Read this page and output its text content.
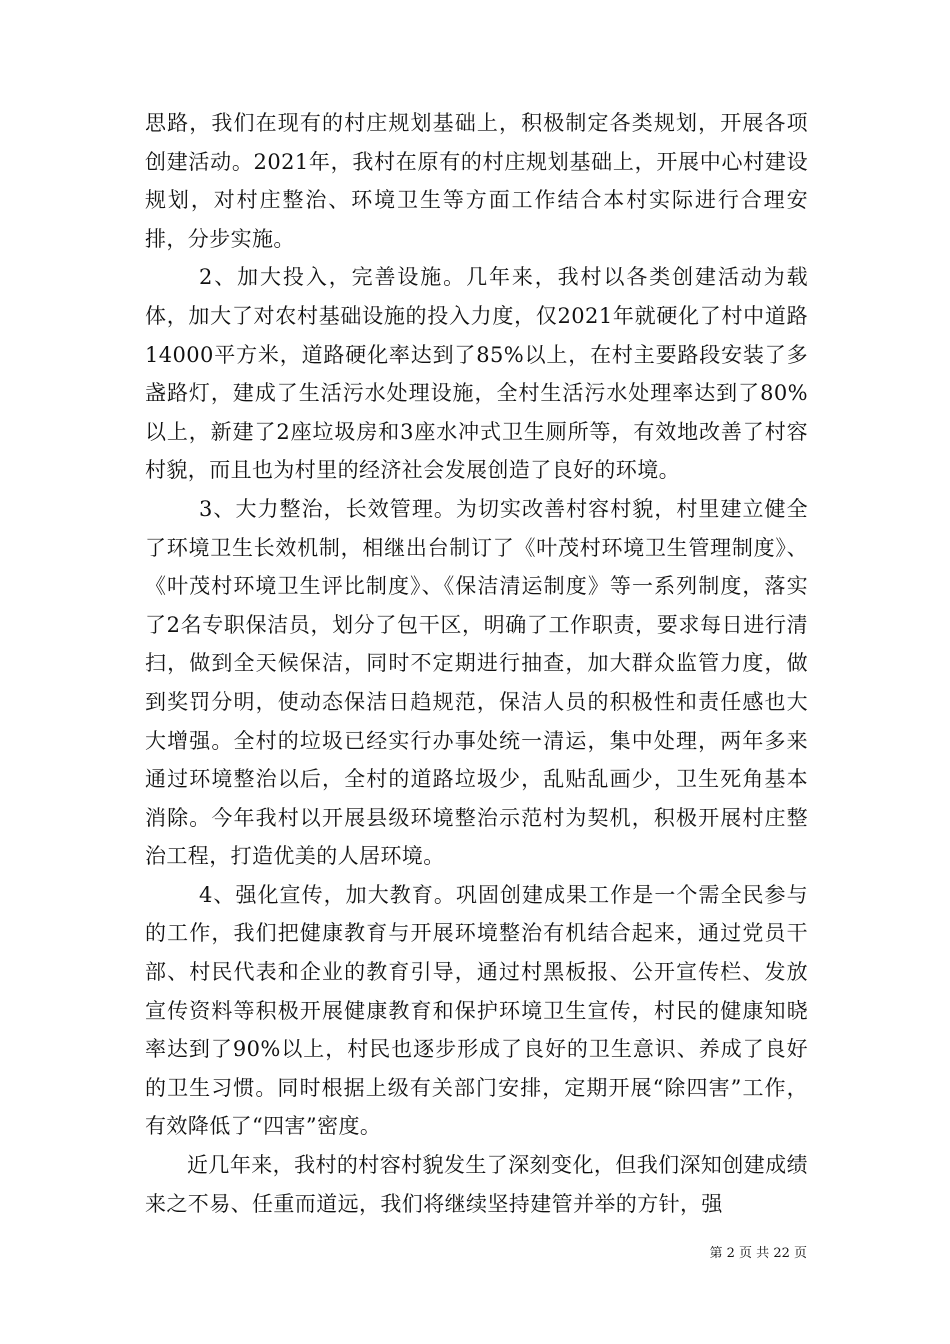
思路，我们在现有的村庄规划基础上，积极制定各类规划，开展各项创建活动。2021年，我村在原有的村庄规划基础上，开展中心村建设规划，对村庄整治、环境卫生等方面工作结合本村实际进行合理安排，分步实施。

2、加大投入，完善设施。几年来，我村以各类创建活动为载体，加大了对农村基础设施的投入力度，仅2021年就硬化了村中道路14000平方米，道路硬化率达到了85%以上，在村主要路段安装了多盏路灯，建成了生活污水处理设施，全村生活污水处理率达到了80%以上，新建了2座垃圾房和3座水冲式卫生厕所等，有效地改善了村容村貌，而且也为村里的经济社会发展创造了良好的环境。

3、大力整治，长效管理。为切实改善村容村貌，村里建立健全了环境卫生长效机制，相继出台制订了《叶茂村环境卫生管理制度》、《叶茂村环境卫生评比制度》、《保洁清运制度》等一系列制度，落实了2名专职保洁员，划分了包干区，明确了工作职责，要求每日进行清扫，做到全天候保洁，同时不定期进行抽查，加大群众监管力度，做到奖罚分明，使动态保洁日趋规范，保洁人员的积极性和责任感也大大增强。全村的垃圾已经实行办事处统一清运，集中处理，两年多来通过环境整治以后，全村的道路垃圾少，乱贴乱画少，卫生死角基本消除。今年我村以开展县级环境整治示范村为契机，积极开展村庄整治工程，打造优美的人居环境。

4、强化宣传，加大教育。巩固创建成果工作是一个需全民参与的工作，我们把健康教育与开展环境整治有机结合起来，通过党员干部、村民代表和企业的教育引导，通过村黑板报、公开宣传栏、发放宣传资料等积极开展健康教育和保护环境卫生宣传，村民的健康知晓率达到了90%以上，村民也逐步形成了良好的卫生意识、养成了良好的卫生习惯。同时根据上级有关部门安排，定期开展“除四害”工作，有效降低了“四害”密度。

近几年来，我村的村容村貌发生了深刻变化，但我们深知创建成绩来之不易、任重而道远，我们将继续坚持建管并举的方针，强

第 2 页 共 22 页
